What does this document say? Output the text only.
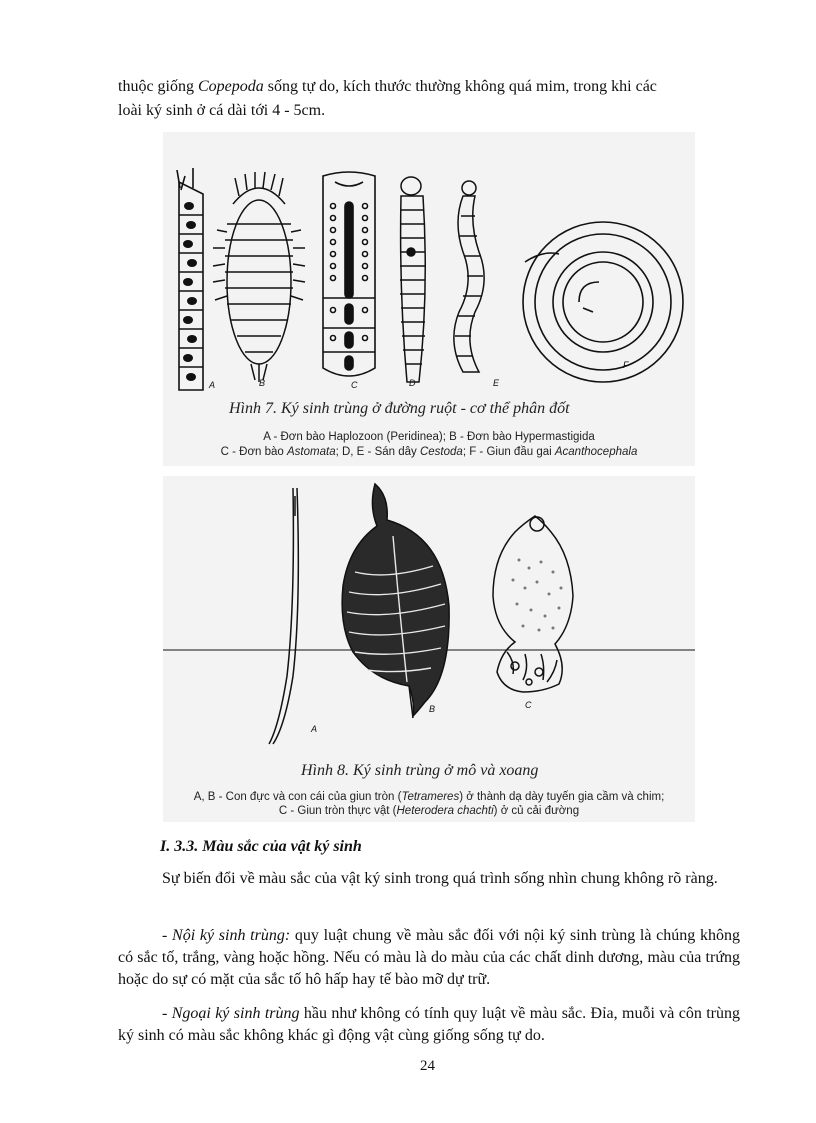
thuộc giống Copepoda sống tự do, kích thước thường không quá mim, trong khi các

loài ký sinh ở cá dài tới 4 - 5cm.

A	B	C	D	E
F
Hình 7. Ký sinh trùng ở đường ruột - cơ thể phân đốt
A - Đơn bào Haplozoon (Peridinea); B - Đơn bào Hypermastigida
C - Đơn bào Astomata; D, E - Sán dây Cestoda; F - Giun đầu gai Acanthocephala
A
B	C
Hình 8. Ký sinh trùng ở mô và xoang
A, B - Con đực và con cái của giun tròn (Tetrameres) ở thành dạ dày tuyến gia cầm và chim;
C - Giun tròn thực vật (Heterodera chachti) ở củ cải đường
I. 3.3. Màu sắc của vật ký sinh

Sự biến đổi về màu sắc của vật ký sinh trong quá trình sống nhìn chung không rõ ràng.

- Nội ký sinh trùng: quy luật chung về màu sắc đối với nội ký sinh trùng là chúng không có sắc tố, trắng, vàng hoặc hồng. Nếu có màu là do màu của các chất dinh dương, màu của trứng hoặc do sự có mặt của sắc tố hô hấp hay tế bào mỡ dự trữ.

- Ngoại ký sinh trùng hầu như không có tính quy luật về màu sắc. Đỉa, muỗi và côn trùng ký sinh có màu sắc không khác gì động vật cùng giống sống tự do.

24
